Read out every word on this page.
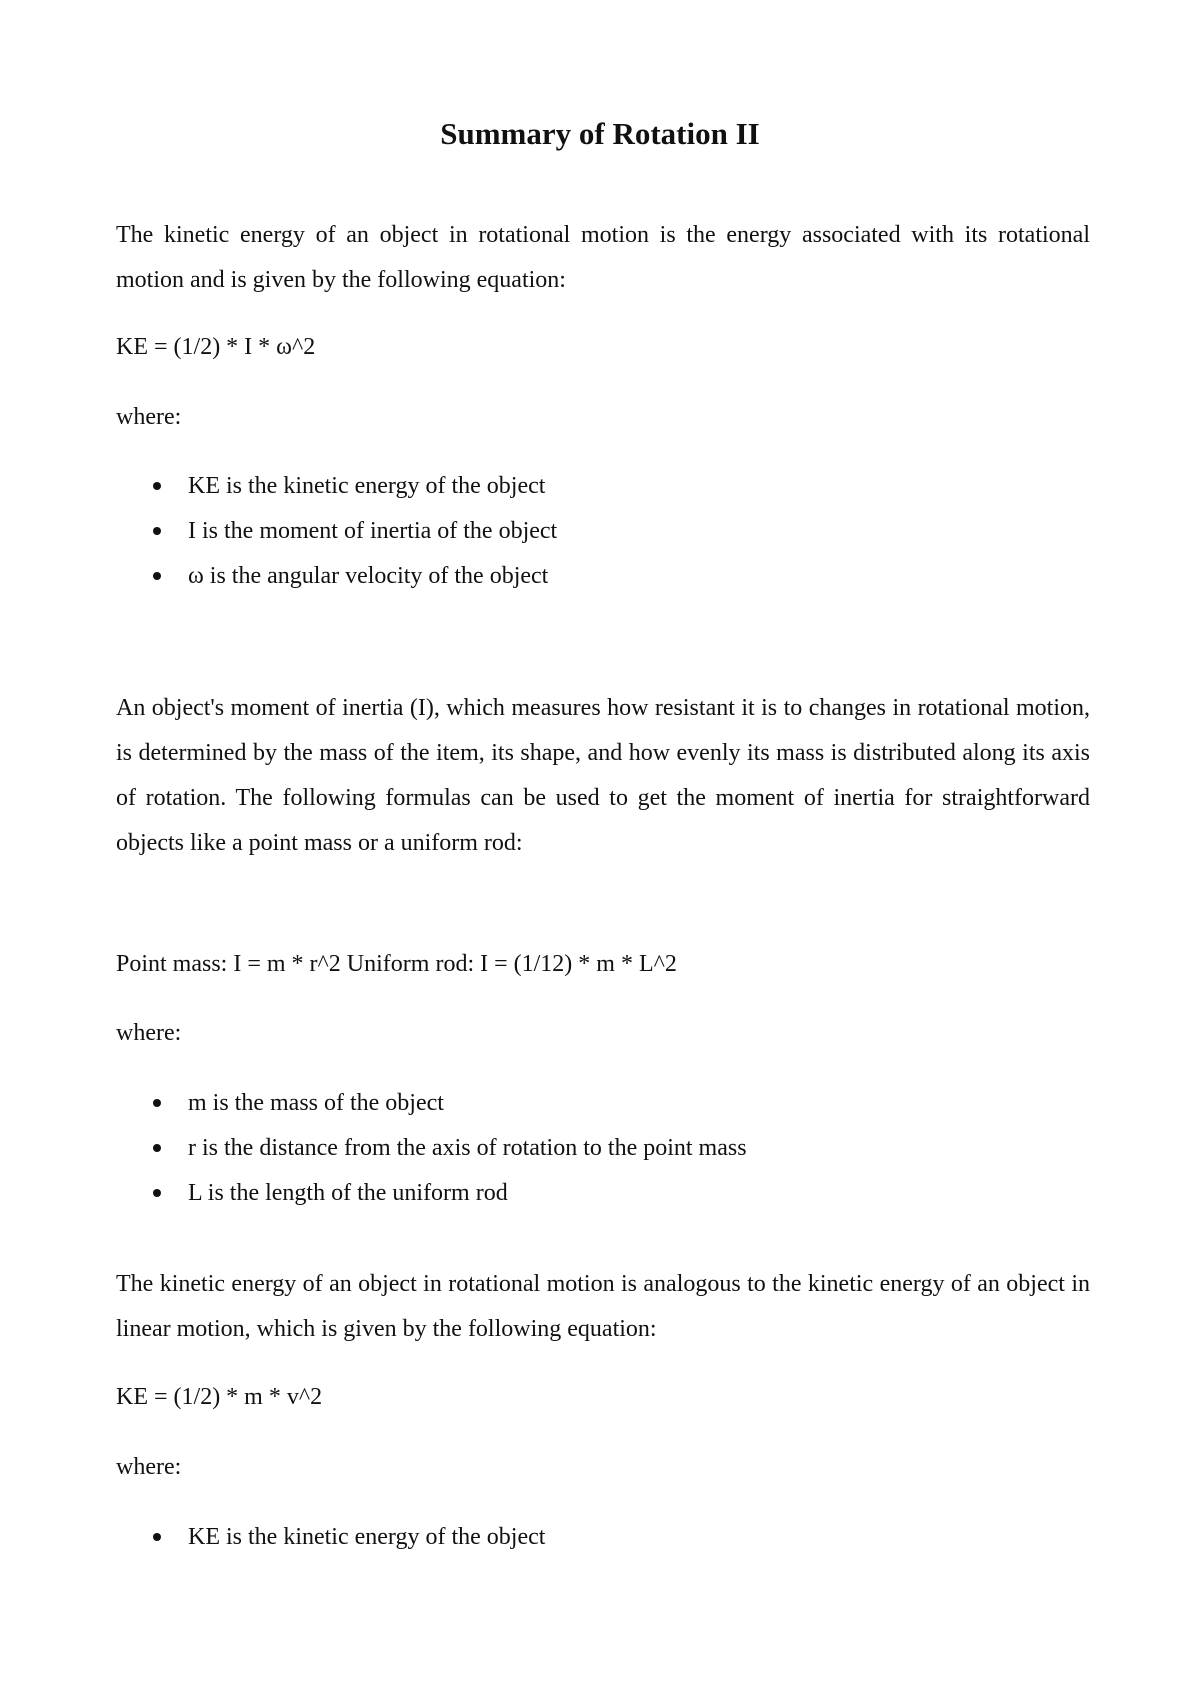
Summary of Rotation II
The kinetic energy of an object in rotational motion is the energy associated with its rotational motion and is given by the following equation:
KE = (1/2) * I * ω^2
where:
KE is the kinetic energy of the object
I is the moment of inertia of the object
ω is the angular velocity of the object
An object's moment of inertia (I), which measures how resistant it is to changes in rotational motion, is determined by the mass of the item, its shape, and how evenly its mass is distributed along its axis of rotation. The following formulas can be used to get the moment of inertia for straightforward objects like a point mass or a uniform rod:
Point mass: I = m * r^2 Uniform rod: I = (1/12) * m * L^2
where:
m is the mass of the object
r is the distance from the axis of rotation to the point mass
L is the length of the uniform rod
The kinetic energy of an object in rotational motion is analogous to the kinetic energy of an object in linear motion, which is given by the following equation:
KE = (1/2) * m * v^2
where:
KE is the kinetic energy of the object
